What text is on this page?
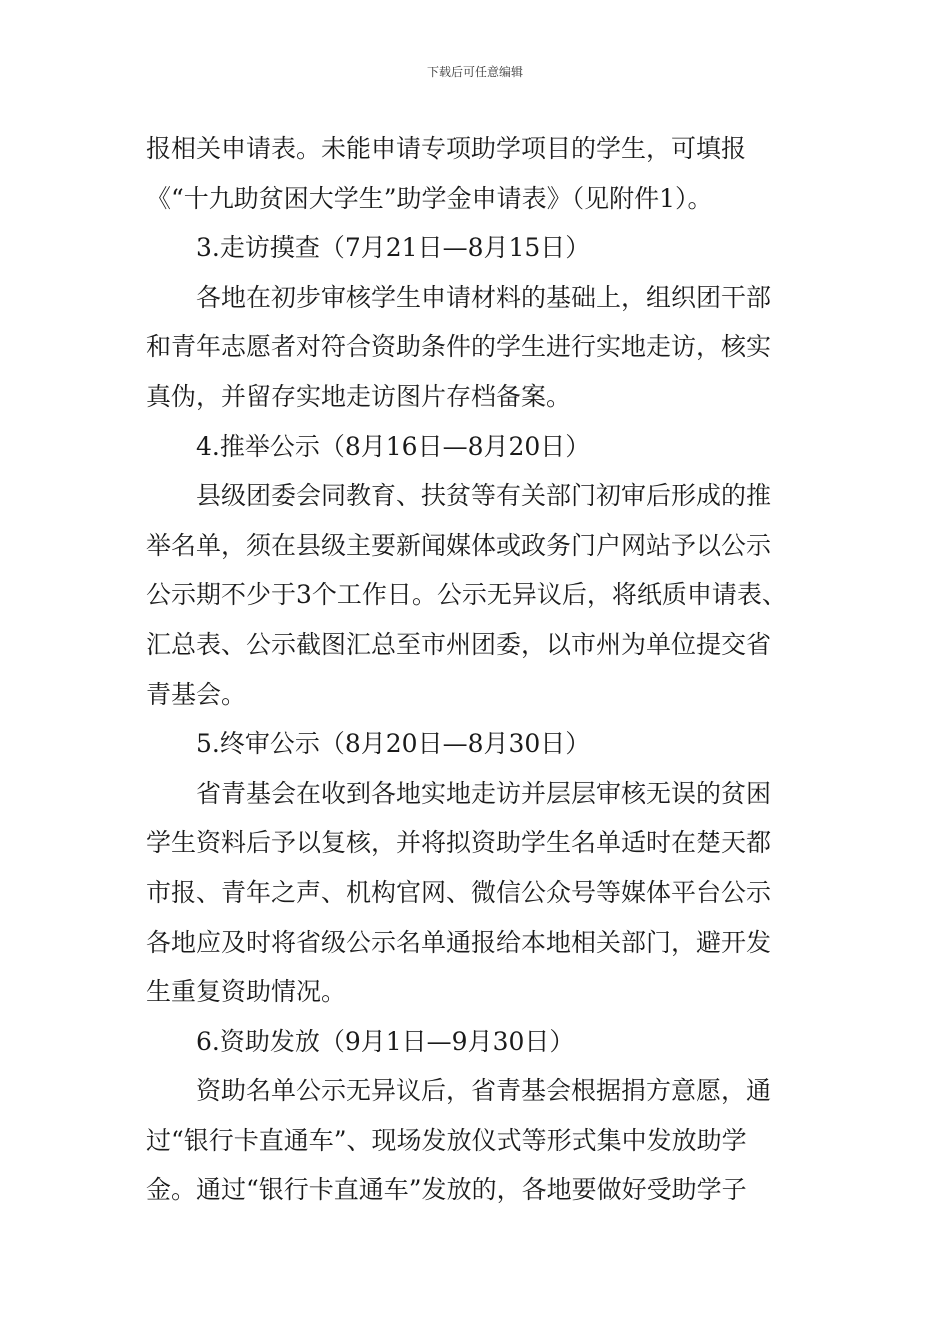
下载后可任意编辑
报相关申请表。未能申请专项助学项目的学生，可填报
《“十九助贫困大学生”助学金申请表》（见附件1）。
3.走访摸查（7月21日—8月15日）
各地在初步审核学生申请材料的基础上，组织团干部
和青年志愿者对符合资助条件的学生进行实地走访，核实
真伪，并留存实地走访图片存档备案。
4.推举公示（8月16日—8月20日）
县级团委会同教育、扶贫等有关部门初审后形成的推
举名单，须在县级主要新闻媒体或政务门户网站予以公示
公示期不少于3个工作日。公示无异议后，将纸质申请表、
汇总表、公示截图汇总至市州团委，以市州为单位提交省
青基会。
5.终审公示（8月20日—8月30日）
省青基会在收到各地实地走访并层层审核无误的贫困
学生资料后予以复核，并将拟资助学生名单适时在楚天都
市报、青年之声、机构官网、微信公众号等媒体平台公示
各地应及时将省级公示名单通报给本地相关部门，避开发
生重复资助情况。
6.资助发放（9月1日—9月30日）
资助名单公示无异议后，省青基会根据捐方意愿，通
过“银行卡直通车”、现场发放仪式等形式集中发放助学
金。通过“银行卡直通车”发放的，各地要做好受助学子
